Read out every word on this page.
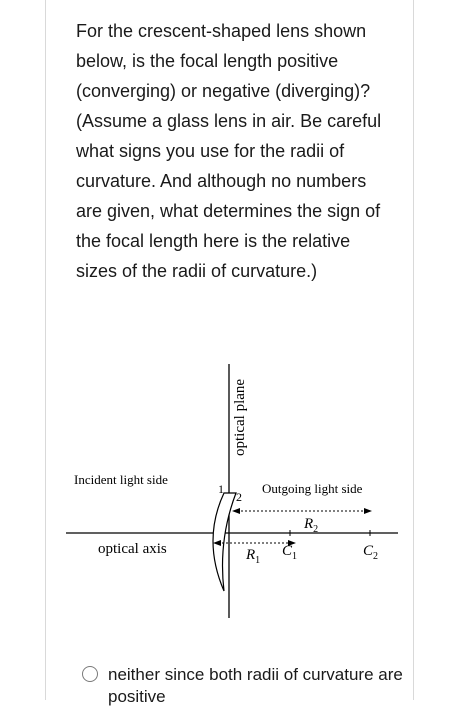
For the crescent-shaped lens shown below, is the focal length positive (converging) or negative (diverging)? (Assume a glass lens in air. Be careful what signs you use for the radii of curvature. And although no numbers are given, what determines the sign of the focal length here is the relative sizes of the radii of curvature.)

optical plane
Incident light side
Outgoing light side
optical axis
1
2
$R_2$
$R_1$
$C_1$	$C_2$
neither since both radii of curvature are positive
